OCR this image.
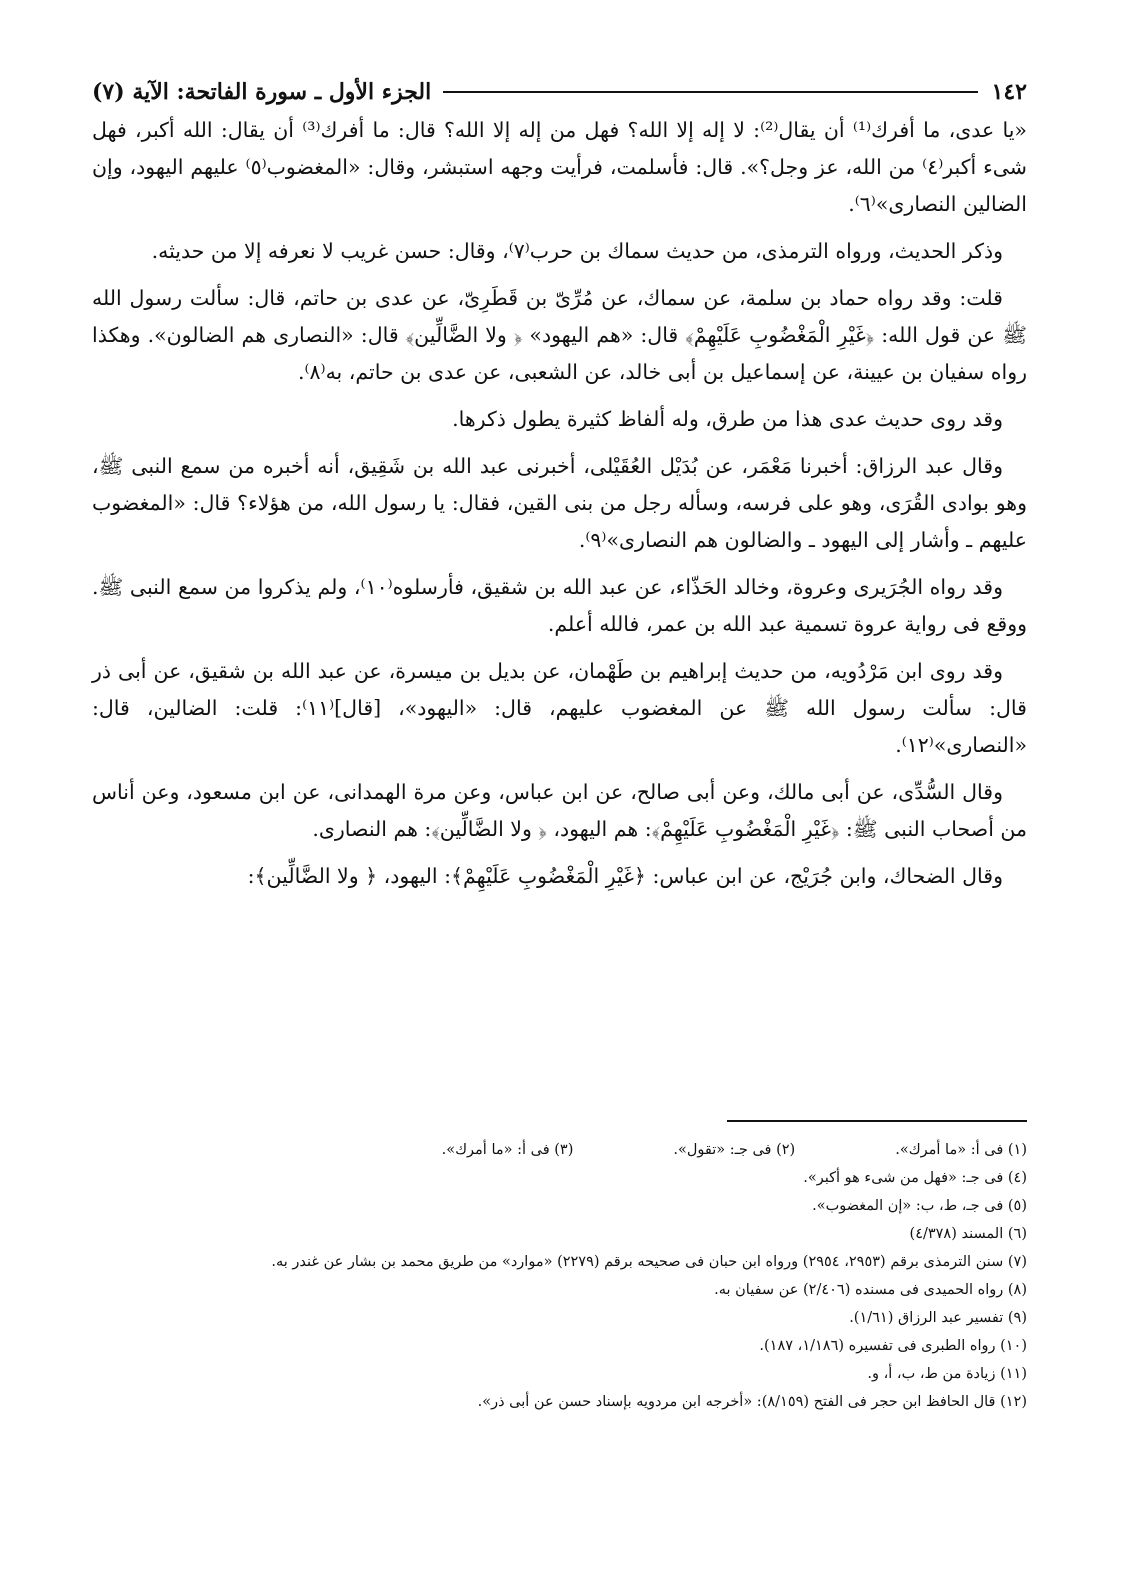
١٤٢
الجزء الأول ـ سورة الفاتحة: الآية (٧)

«يا عدى، ما أفرك⁽¹⁾ أن يقال⁽²⁾: لا إله إلا الله؟ فهل من إله إلا الله؟ قال: ما أفرك⁽³⁾ أن يقال: الله أكبر، فهل شىء أكبر⁽٤⁾ من الله، عز وجل؟». قال: فأسلمت، فرأيت وجهه استبشر، وقال: «المغضوب⁽٥⁾ عليهم اليهود، وإن الضالين النصارى»⁽٦⁾.

وذكر الحديث، ورواه الترمذى، من حديث سماك بن حرب⁽٧⁾، وقال: حسن غريب لا نعرفه إلا من حديثه.

قلت: وقد رواه حماد بن سلمة، عن سماك، عن مُرِّىّ بن قَطَرِىّ، عن عدى بن حاتم، قال: سألت رسول الله ﷺ عن قول الله: ﴿غَيْرِ الْمَغْضُوبِ عَلَيْهِمْ﴾ قال: «هم اليهود» ﴿ ولا الضَّالِّين﴾ قال: «النصارى هم الضالون». وهكذا رواه سفيان بن عيينة، عن إسماعيل بن أبى خالد، عن الشعبى، عن عدى بن حاتم، به⁽٨⁾.

وقد روى حديث عدى هذا من طرق، وله ألفاظ كثيرة يطول ذكرها.

وقال عبد الرزاق: أخبرنا مَعْمَر، عن بُدَيْل العُقَيْلى، أخبرنى عبد الله بن شَقِيق، أنه أخبره من سمع النبى ﷺ، وهو بوادى القُرَى، وهو على فرسه، وسأله رجل من بنى القين، فقال: يا رسول الله، من هؤلاء؟ قال: «المغضوب عليهم ـ وأشار إلى اليهود ـ والضالون هم النصارى»⁽٩⁾.

وقد رواه الجُرَيرى وعروة، وخالد الحَذّاء، عن عبد الله بن شقيق، فأرسلوه⁽١٠⁾، ولم يذكروا من سمع النبى ﷺ. ووقع فى رواية عروة تسمية عبد الله بن عمر، فالله أعلم.

وقد روى ابن مَرْدُويه، من حديث إبراهيم بن طَهْمان، عن بديل بن ميسرة، عن عبد الله بن شقيق، عن أبى ذر قال: سألت رسول الله ﷺ عن المغضوب عليهم، قال: «اليهود»، [قال]⁽١١⁾: قلت: الضالين، قال: «النصارى»⁽١٢⁾.

وقال السُّدِّى، عن أبى مالك، وعن أبى صالح، عن ابن عباس، وعن مرة الهمدانى، عن ابن مسعود، وعن أناس من أصحاب النبى ﷺ: ﴿غَيْرِ الْمَغْضُوبِ عَلَيْهِمْ﴾: هم اليهود، ﴿ ولا الضَّالِّين﴾: هم النصارى.

وقال الضحاك، وابن جُرَيْج، عن ابن عباس: ﴿غَيْرِ الْمَغْضُوبِ عَلَيْهِمْ﴾: اليهود، ﴿ ولا الضَّالِّين﴾:

(١) فى أ: «ما أمرك».
(٢) فى جـ: «تقول».
(٣) فى أ: «ما أمرك».
(٤) فى جـ: «فهل من شىء هو أكبر».
(٥) فى جـ، ط، ب: «إن المغضوب».
(٦) المسند (٤/٣٧٨)
(٧) سنن الترمذى برقم (٢٩٥٣، ٢٩٥٤) ورواه ابن حبان فى صحيحه برقم (٢٢٧٩) «موارد» من طريق محمد بن بشار عن غندر به.
(٨) رواه الحميدى فى مسنده (٢/٤٠٦) عن سفيان به.
(٩) تفسير عبد الرزاق (١/٦١).
(١٠) رواه الطبرى فى تفسيره (١/١٨٦، ١٨٧).
(١١) زيادة من ط، ب، أ، و.
(١٢) قال الحافظ ابن حجر فى الفتح (٨/١٥٩): «أخرجه ابن مردويه بإسناد حسن عن أبى ذر».
